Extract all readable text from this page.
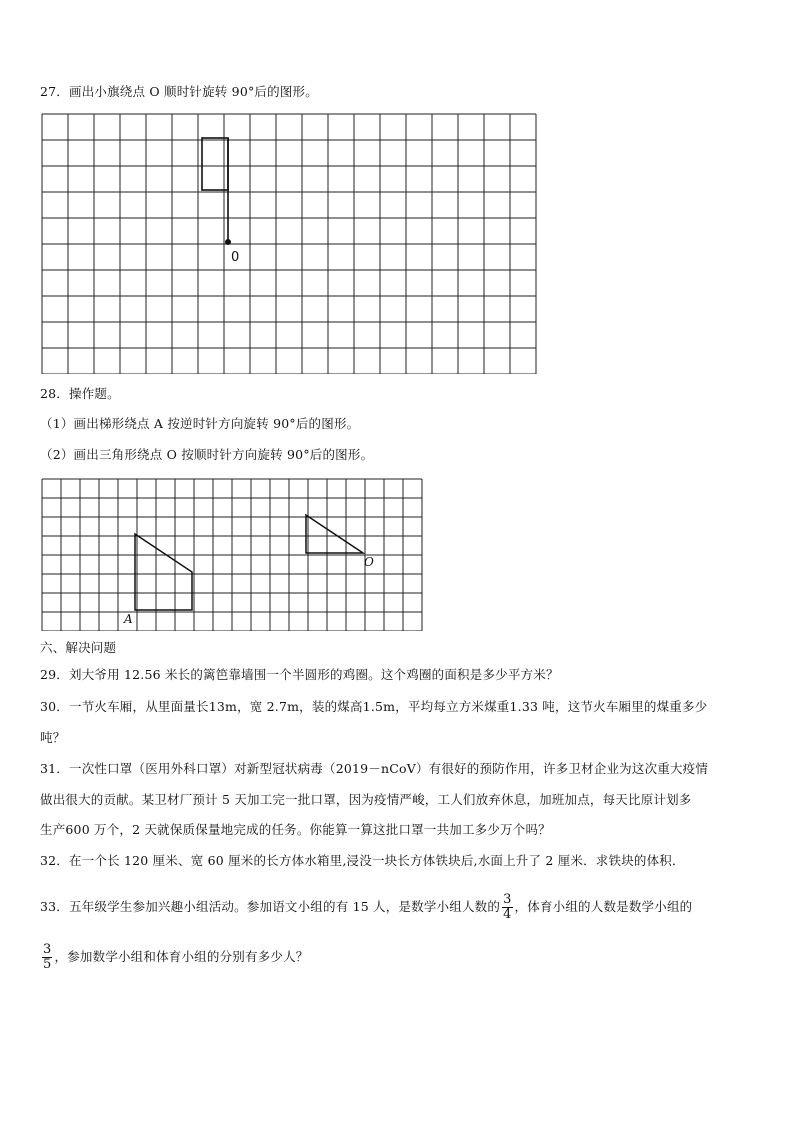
27．画出小旗绕点 O 顺时针旋转 90°后的图形。
0
28．操作题。
（1）画出梯形绕点 A 按逆时针方向旋转 90°后的图形。
（2）画出三角形绕点 O 按顺时针方向旋转 90°后的图形。
A
O
六、解决问题
29．刘大爷用 12.56 米长的篱笆靠墙围一个半圆形的鸡圈。这个鸡圈的面积是多少平方米？
30．一节火车厢，从里面量长13m，宽 2.7m，装的煤高1.5m，平均每立方米煤重1.33 吨，这节火车厢里的煤重多少
吨？
31．一次性口罩（医用外科口罩）对新型冠状病毒（2019－nCoV）有很好的预防作用，许多卫材企业为这次重大疫情
做出很大的贡献。某卫材厂预计 5 天加工完一批口罩，因为疫情严峻，工人们放弃休息，加班加点，每天比原计划多
生产600 万个，2 天就保质保量地完成的任务。你能算一算这批口罩一共加工多少万个吗？
32．在一个长 120 厘米、宽 60 厘米的长方体水箱里,浸没一块长方体铁块后,水面上升了 2 厘米．求铁块的体积．
33．五年级学生参加兴趣小组活动。参加语文小组的有 15 人，是数学小组人数的 $\frac{3}{4}$ ，体育小组的人数是数学小组的
$\frac{3}{5}$ ，参加数学小组和体育小组的分别有多少人？
